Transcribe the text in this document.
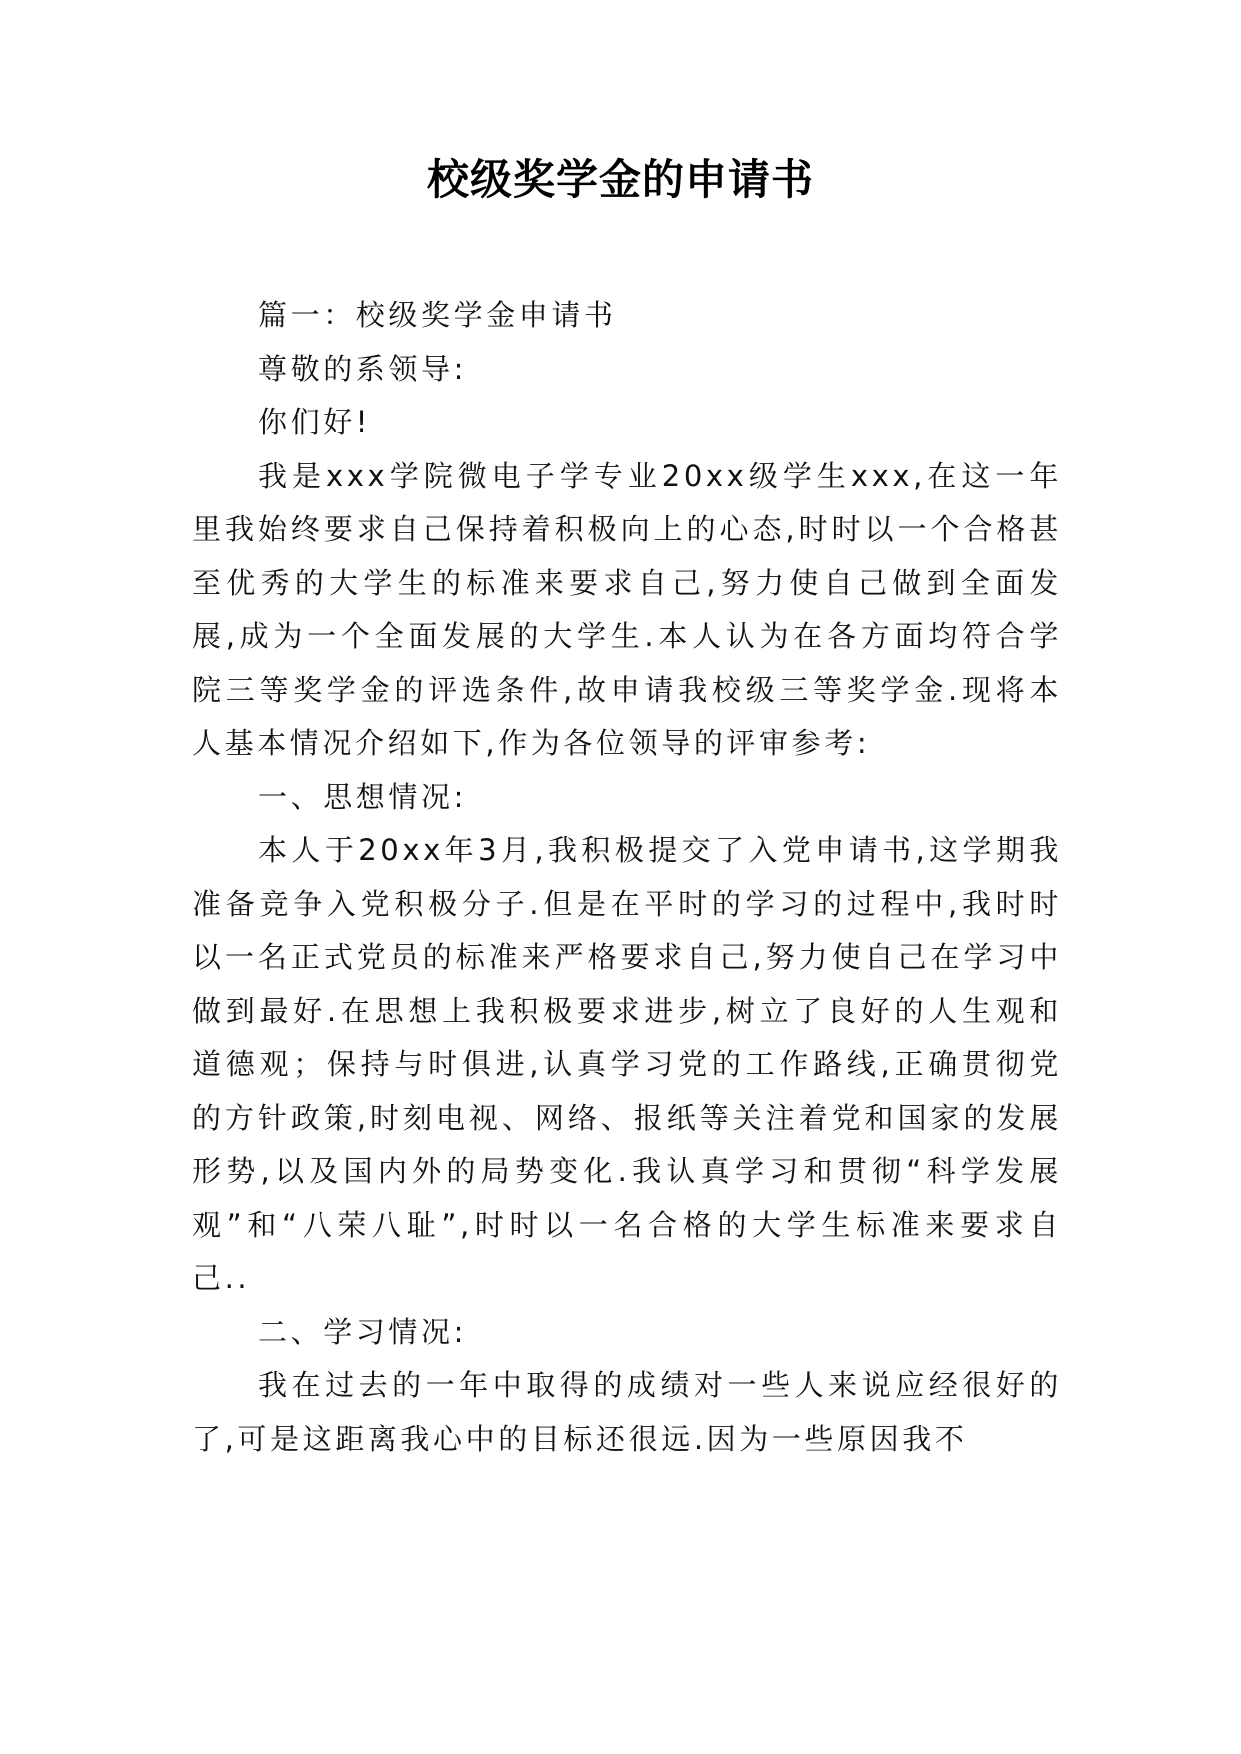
校级奖学金的申请书

篇一：校级奖学金申请书

尊敬的系领导:

你们好!

我是xxx学院微电子学专业20xx级学生xxx,在这一年里我始终要求自己保持着积极向上的心态,时时以一个合格甚至优秀的大学生的标准来要求自己,努力使自己做到全面发展,成为一个全面发展的大学生.本人认为在各方面均符合学院三等奖学金的评选条件,故申请我校级三等奖学金.现将本人基本情况介绍如下,作为各位领导的评审参考:

一、思想情况:

本人于20xx年3月,我积极提交了入党申请书,这学期我准备竞争入党积极分子.但是在平时的学习的过程中,我时时以一名正式党员的标准来严格要求自己,努力使自己在学习中做到最好.在思想上我积极要求进步,树立了良好的人生观和道德观；保持与时俱进,认真学习党的工作路线,正确贯彻党的方针政策,时刻电视、网络、报纸等关注着党和国家的发展形势,以及国内外的局势变化.我认真学习和贯彻“科学发展观”和“八荣八耻”,时时以一名合格的大学生标准来要求自己..

二、学习情况:

我在过去的一年中取得的成绩对一些人来说应经很好的了,可是这距离我心中的目标还很远.因为一些原因我不
